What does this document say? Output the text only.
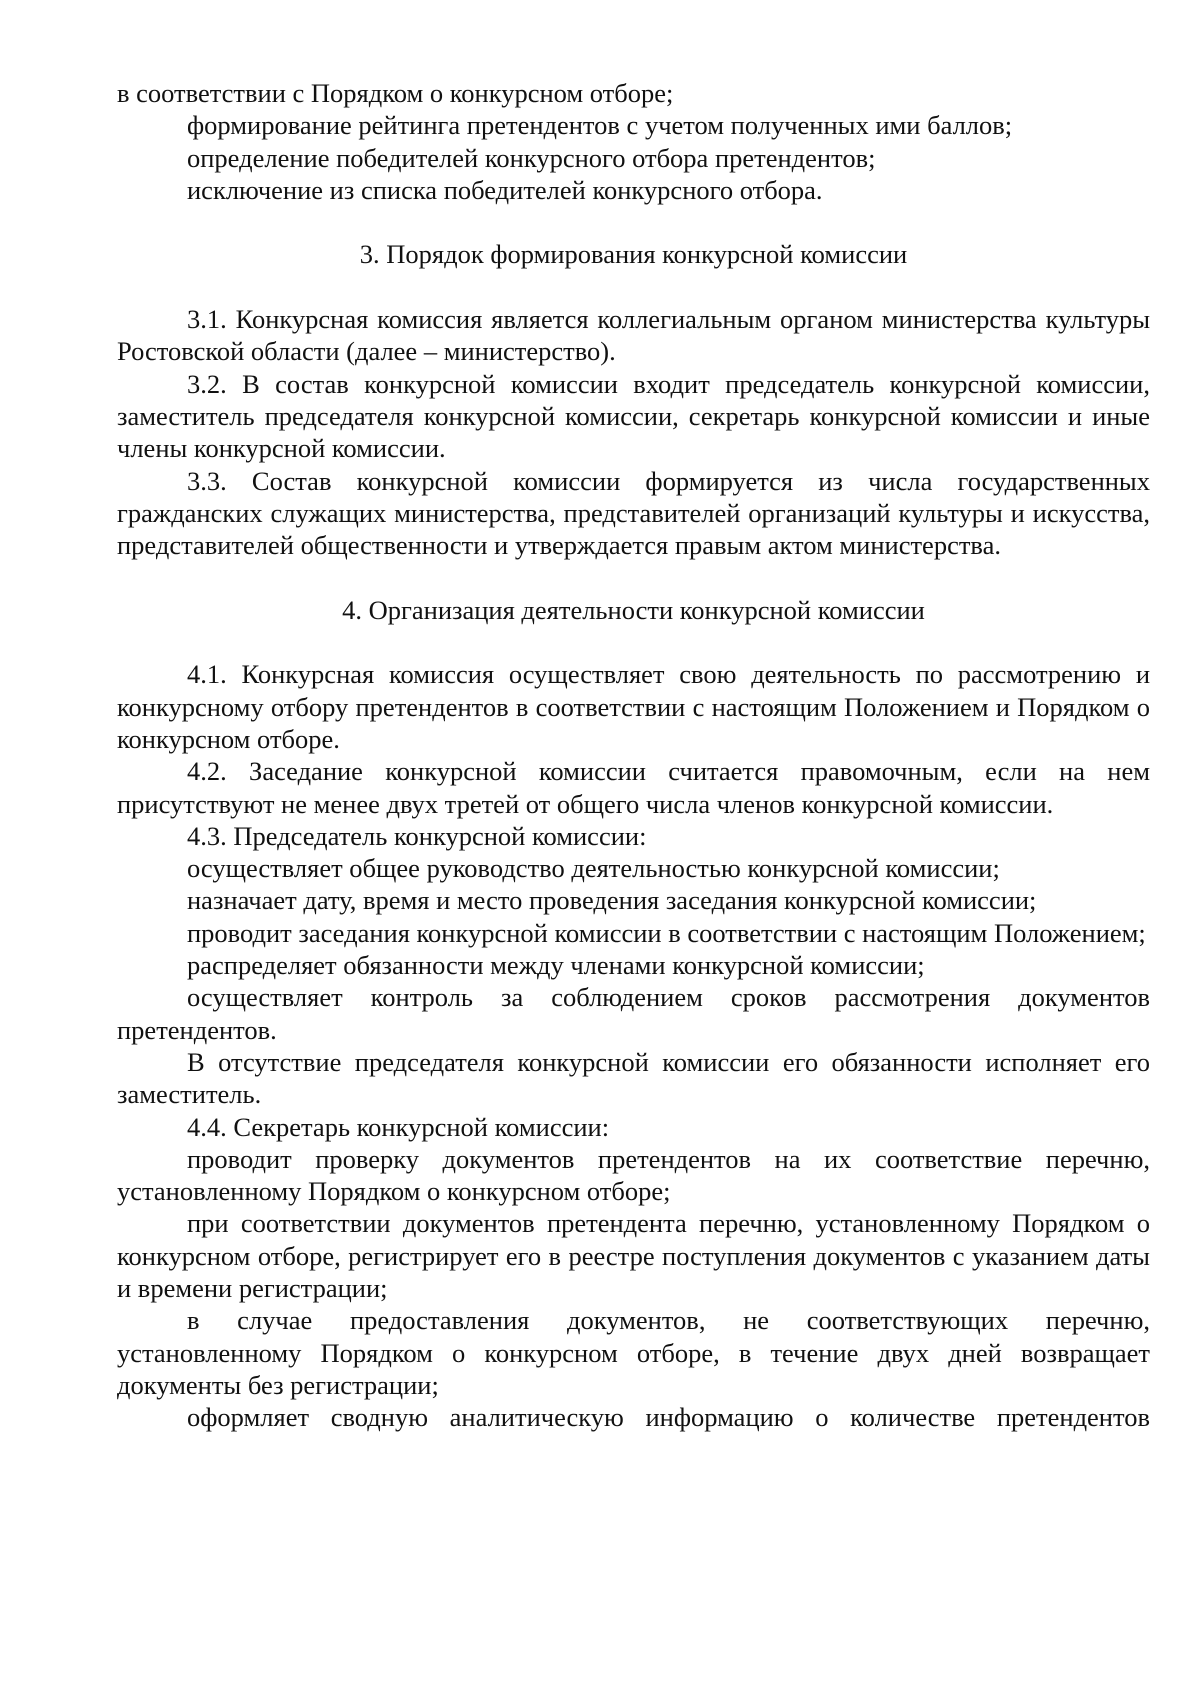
в соответствии с Порядком о конкурсном отборе;

формирование рейтинга претендентов с учетом полученных ими баллов;

определение победителей конкурсного отбора претендентов;

исключение из списка победителей конкурсного отбора.

3. Порядок формирования конкурсной комиссии

3.1. Конкурсная комиссия является коллегиальным органом министерства культуры Ростовской области (далее – министерство).

3.2. В состав конкурсной комиссии входит председатель конкурсной комиссии, заместитель председателя конкурсной комиссии, секретарь конкурсной комиссии и иные члены конкурсной комиссии.

3.3. Состав конкурсной комиссии формируется из числа государственных гражданских служащих министерства, представителей организаций культуры и искусства, представителей общественности и утверждается правым актом министерства.

4. Организация деятельности конкурсной комиссии

4.1. Конкурсная комиссия осуществляет свою деятельность по рассмотрению и конкурсному отбору претендентов в соответствии с настоящим Положением и Порядком о конкурсном отборе.

4.2. Заседание конкурсной комиссии считается правомочным, если на нем присутствуют не менее двух третей от общего числа членов конкурсной комиссии.

4.3. Председатель конкурсной комиссии:

осуществляет общее руководство деятельностью конкурсной комиссии;

назначает дату, время и место проведения заседания конкурсной комиссии;

проводит заседания конкурсной комиссии в соответствии с настоящим Положением;

распределяет обязанности между членами конкурсной комиссии;

осуществляет контроль за соблюдением сроков рассмотрения документов претендентов.

В отсутствие председателя конкурсной комиссии его обязанности исполняет его заместитель.

4.4. Секретарь конкурсной комиссии:

проводит проверку документов претендентов на их соответствие перечню, установленному Порядком о конкурсном отборе;

при соответствии документов претендента перечню, установленному Порядком о конкурсном отборе, регистрирует его в реестре поступления документов с указанием даты и времени регистрации;

в случае предоставления документов, не соответствующих перечню, установленному Порядком о конкурсном отборе, в течение двух дней возвращает документы без регистрации;

оформляет сводную аналитическую информацию о количестве претендентов
